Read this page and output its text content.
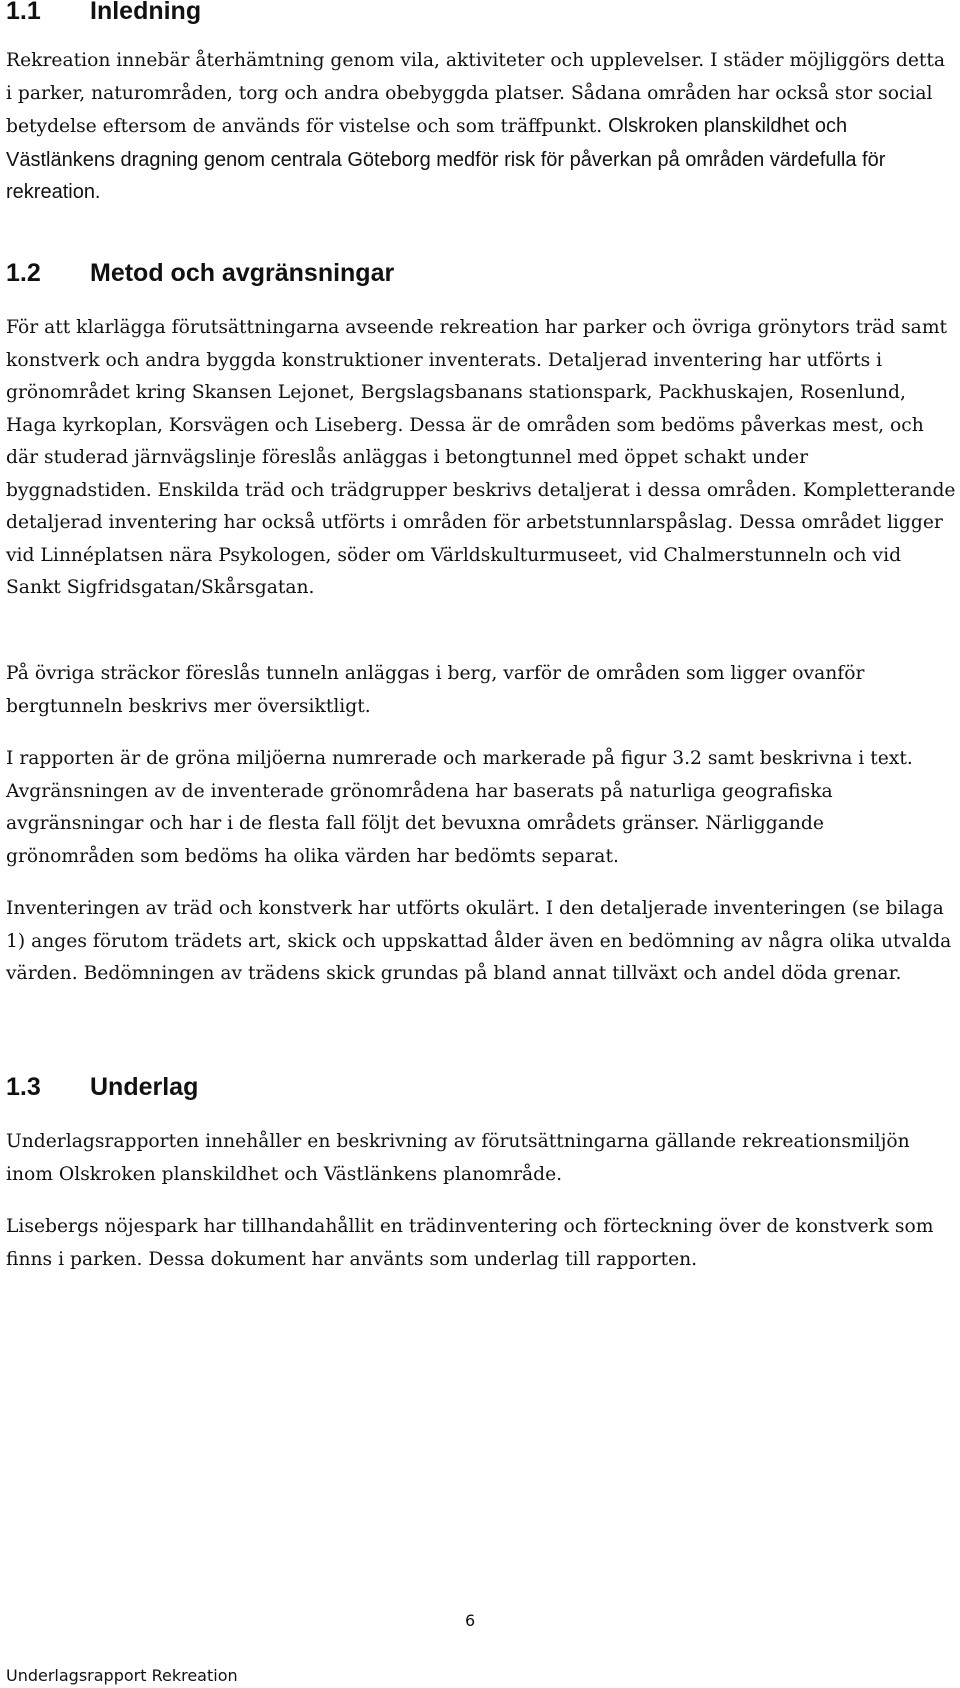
1.1	Inledning

Rekreation innebär återhämtning genom vila, aktiviteter och upplevelser. I städer möjliggörs detta i parker, naturområden, torg och andra obebyggda platser. Sådana områden har också stor social betydelse eftersom de används för vistelse och som träffpunkt.

Olskroken planskildhet och Västlänkens dragning genom centrala Göteborg medför risk för påverkan på områden värdefulla för rekreation.

1.2	Metod och avgränsningar

För att klarlägga förutsättningarna avseende rekreation har parker och övriga grönytors träd samt konstverk och andra byggda konstruktioner inventerats. Detaljerad inventering har utförts i grönområdet kring Skansen Lejonet, Bergslagsbanans stationspark, Packhuskajen, Rosenlund, Haga kyrkoplan, Korsvägen och Liseberg. Dessa är de områden som bedöms påverkas mest, och där studerad järnvägslinje föreslås anläggas i betongtunnel med öppet schakt under byggnadstiden. Enskilda träd och trädgrupper beskrivs detaljerat i dessa områden. Kompletterande detaljerad inventering har också utförts i områden för arbetstunnlarspåslag. Dessa området ligger vid Linnéplatsen nära Psykologen, söder om Världskulturmuseet, vid Chalmerstunneln och vid Sankt Sigfridsgatan/Skårsgatan.

På övriga sträckor föreslås tunneln anläggas i berg, varför de områden som ligger ovanför bergtunneln beskrivs mer översiktligt.

I rapporten är de gröna miljöerna numrerade och markerade på figur 3.2 samt beskrivna i text. Avgränsningen av de inventerade grönområdena har baserats på naturliga geografiska avgränsningar och har i de flesta fall följt det bevuxna områdets gränser. Närliggande grönområden som bedöms ha olika värden har bedömts separat.

Inventeringen av träd och konstverk har utförts okulärt. I den detaljerade inventeringen (se bilaga 1) anges förutom trädets art, skick och uppskattad ålder även en bedömning av några olika utvalda värden. Bedömningen av trädens skick grundas på bland annat tillväxt och andel döda grenar.

1.3	Underlag

Underlagsrapporten innehåller en beskrivning av förutsättningarna gällande rekreationsmiljön inom Olskroken planskildhet och Västlänkens planområde.

Lisebergs nöjespark har tillhandahållit en trädinventering och förteckning över de konstverk som finns i parken. Dessa dokument har använts som underlag till rapporten.

6
Underlagsrapport Rekreation
